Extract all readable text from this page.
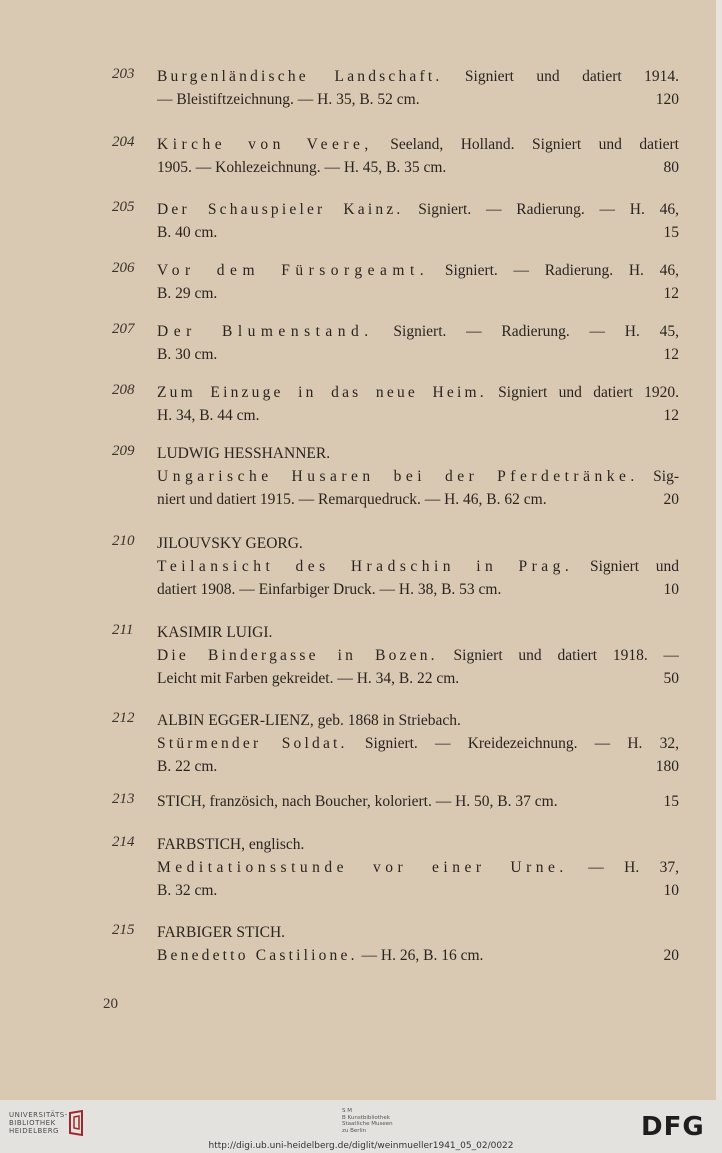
203	Burgenländische Landschaft. Signiert und datiert 1914.
— Bleistiftzeichnung. — H. 35, B. 52 cm.	120
204	Kirche von Veere, Seeland, Holland. Signiert und datiert
1905. — Kohlezeichnung. — H. 45, B. 35 cm.	80
205	Der Schauspieler Kainz. Signiert. — Radierung. — H. 46,
B. 40 cm.	15
206	Vor dem Fürsorgeamt. Signiert. — Radierung. H. 46,
B. 29 cm.	12
207	Der Blumenstand. Signiert. — Radierung. — H. 45,
B. 30 cm.	12
208	Zum Einzuge in das neue Heim. Signiert und datiert 1920.
H. 34, B. 44 cm.	12
209	LUDWIG HESSHANNER.
Ungarische Husaren bei der Pferdetränke. Sig-
niert und datiert 1915. — Remarquedruck. — H. 46, B. 62 cm.	20
210	JILOUVSKY GEORG.
Teilansicht des Hradschin in Prag. Signiert und
datiert 1908. — Einfarbiger Druck. — H. 38, B. 53 cm.	10
211	KASIMIR LUIGI.
Die Bindergasse in Bozen. Signiert und datiert 1918. —
Leicht mit Farben gekreidet. — H. 34, B. 22 cm.	50
212	ALBIN EGGER-LIENZ, geb. 1868 in Striebach.
Stürmender Soldat. Signiert. — Kreidezeichnung. — H. 32,
B. 22 cm.	180
213	STICH, französich, nach Boucher, koloriert. — H. 50, B. 37 cm.	15
214	FARBSTICH, englisch.
Meditationsstunde vor einer Urne. — H. 37,
B. 32 cm.	10
215	FARBIGER STICH.
Benedetto Castilione. — H. 26, B. 16 cm.	20
20
UNIVERSITÄTS-
BIBLIOTHEK
HEIDELBERG
S M
B Kunstbibliothek
Staatliche Museen
zu Berlin	DFG
http://digi.ub.uni-heidelberg.de/diglit/weinmueller1941_05_02/0022
